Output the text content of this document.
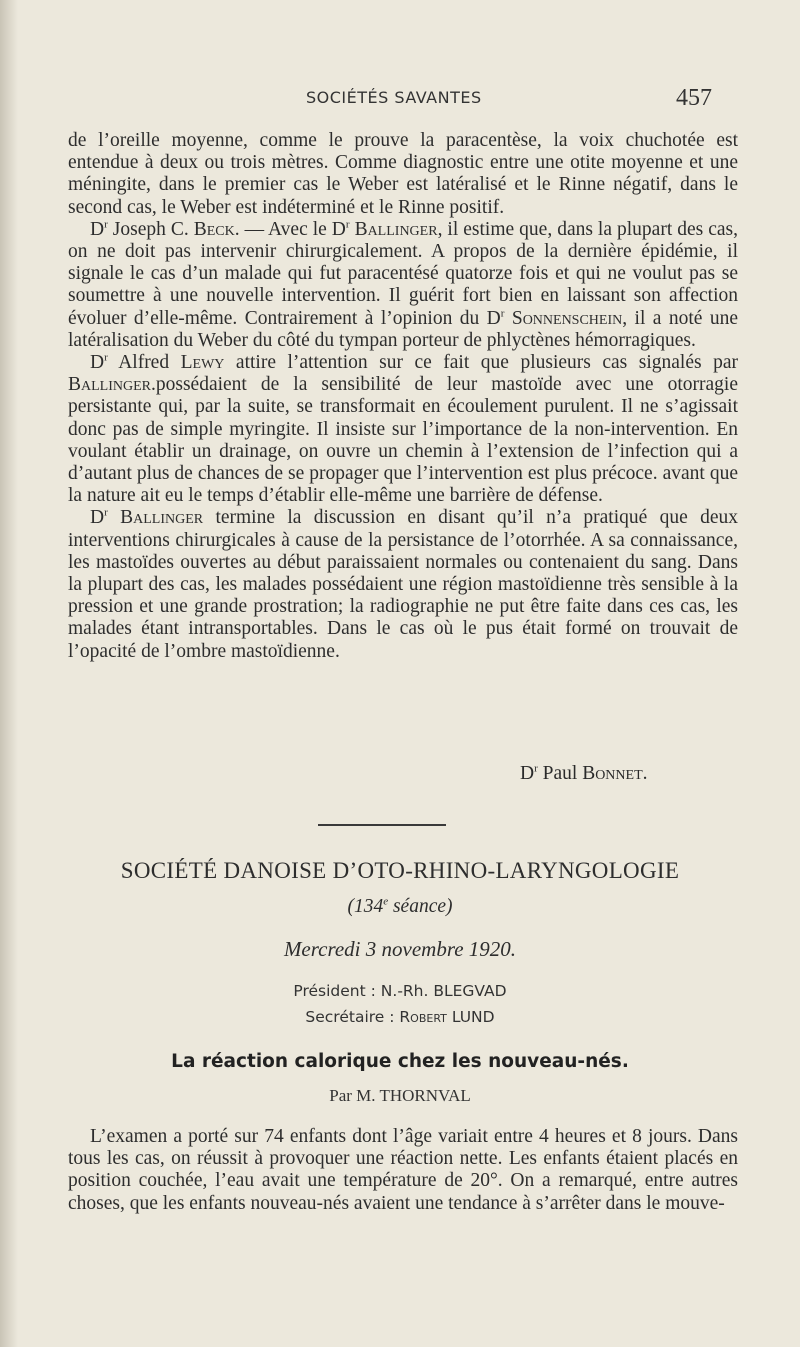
SOCIÉTÉS SAVANTES	457

de l’oreille moyenne, comme le prouve la paracentèse, la voix chuchotée est entendue à deux ou trois mètres. Comme diagnostic entre une otite moyenne et une méningite, dans le premier cas le Weber est latéralisé et le Rinne négatif, dans le second cas, le Weber est indéterminé et le Rinne positif.

$D^r$ Joseph C. Beck. — Avec le $D^r$ Ballinger, il estime que, dans la plupart des cas, on ne doit pas intervenir chirurgicalement. A propos de la dernière épidémie, il signale le cas d’un malade qui fut paracentésé quatorze fois et qui ne voulut pas se soumettre à une nouvelle intervention. Il guérit fort bien en laissant son affection évoluer d’elle-même. Contrairement à l’opinion du $D^r$ Sonnenschein, il a noté une latéralisation du Weber du côté du tympan porteur de phlyctènes hémorragiques.

$D^r$ Alfred Lewy attire l’attention sur ce fait que plusieurs cas signalés par Ballinger.possédaient de la sensibilité de leur mastoïde avec une otorragie persistante qui, par la suite, se transformait en écoulement purulent. Il ne s’agissait donc pas de simple myringite. Il insiste sur l’importance de la non-intervention. En voulant établir un drainage, on ouvre un chemin à l’extension de l’infection qui a d’autant plus de chances de se propager que l’intervention est plus précoce. avant que la nature ait eu le temps d’établir elle-même une barrière de défense.

$D^r$ Ballinger termine la discussion en disant qu’il n’a pratiqué que deux interventions chirurgicales à cause de la persistance de l’otorrhée. A sa connaissance, les mastoïdes ouvertes au début paraissaient normales ou contenaient du sang. Dans la plupart des cas, les malades possédaient une région mastoïdienne très sensible à la pression et une grande prostration; la radiographie ne put être faite dans ces cas, les malades étant intransportables. Dans le cas où le pus était formé on trouvait de l’opacité de l’ombre mastoïdienne.

$D^r$ Paul Bonnet.
SOCIÉTÉ DANOISE D’OTO-RHINO-LARYNGOLOGIE
(134e séance)
Mercredi 3 novembre 1920.
Président : N.-Rh. BLEGVAD
Secrétaire : Robert LUND
La réaction calorique chez les nouveau-nés.
Par M. THORNVAL

L’examen a porté sur 74 enfants dont l’âge variait entre 4 heures et 8 jours. Dans tous les cas, on réussit à provoquer une réaction nette. Les enfants étaient placés en position couchée, l’eau avait une température de 20°. On a remarqué, entre autres choses, que les enfants nouveau-nés avaient une tendance à s’arrêter dans le mouve-
